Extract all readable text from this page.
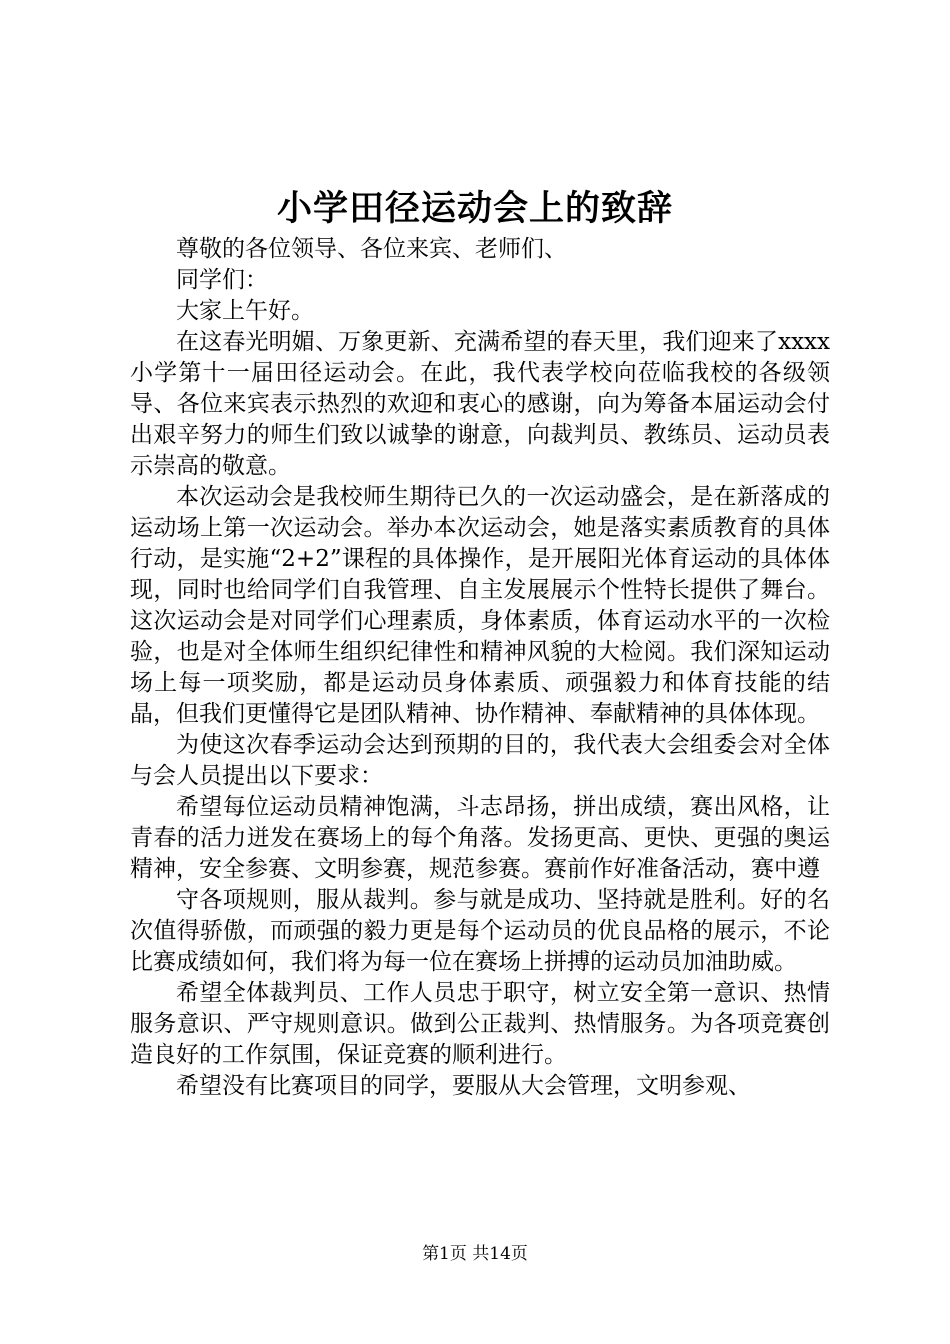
小学田径运动会上的致辞

尊敬的各位领导、各位来宾、老师们、

同学们：

大家上午好。

在这春光明媚、万象更新、充满希望的春天里，我们迎来了xxxx小学第十一届田径运动会。在此，我代表学校向莅临我校的各级领导、各位来宾表示热烈的欢迎和衷心的感谢，向为筹备本届运动会付出艰辛努力的师生们致以诚挚的谢意，向裁判员、教练员、运动员表示崇高的敬意。

本次运动会是我校师生期待已久的一次运动盛会，是在新落成的运动场上第一次运动会。举办本次运动会，她是落实素质教育的具体行动，是实施“2+2”课程的具体操作，是开展阳光体育运动的具体体现，同时也给同学们自我管理、自主发展展示个性特长提供了舞台。这次运动会是对同学们心理素质，身体素质，体育运动水平的一次检验，也是对全体师生组织纪律性和精神风貌的大检阅。我们深知运动场上每一项奖励，都是运动员身体素质、顽强毅力和体育技能的结晶，但我们更懂得它是团队精神、协作精神、奉献精神的具体体现。

为使这次春季运动会达到预期的目的，我代表大会组委会对全体与会人员提出以下要求：

希望每位运动员精神饱满，斗志昂扬，拼出成绩，赛出风格，让青春的活力迸发在赛场上的每个角落。发扬更高、更快、更强的奥运精神，安全参赛、文明参赛，规范参赛。赛前作好准备活动，赛中遵

守各项规则，服从裁判。参与就是成功、坚持就是胜利。好的名次值得骄傲，而顽强的毅力更是每个运动员的优良品格的展示，不论比赛成绩如何，我们将为每一位在赛场上拼搏的运动员加油助威。

希望全体裁判员、工作人员忠于职守，树立安全第一意识、热情服务意识、严守规则意识。做到公正裁判、热情服务。为各项竞赛创造良好的工作氛围，保证竞赛的顺利进行。

希望没有比赛项目的同学，要服从大会管理，文明参观、

第1页 共14页
